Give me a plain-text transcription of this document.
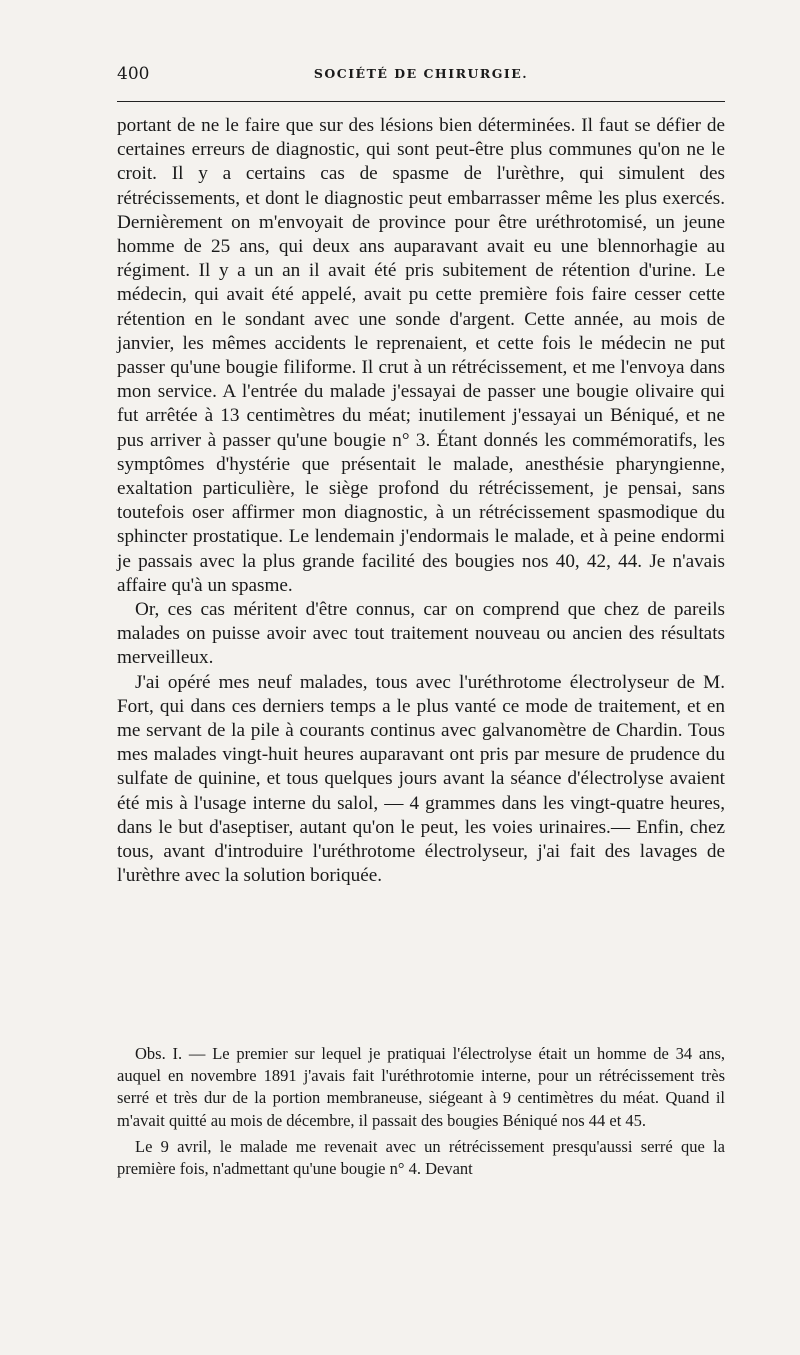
400	SOCIÉTÉ DE CHIRURGIE.

portant de ne le faire que sur des lésions bien déterminées. Il faut se défier de certaines erreurs de diagnostic, qui sont peut-être plus communes qu'on ne le croit. Il y a certains cas de spasme de l'urèthre, qui simulent des rétrécissements, et dont le diagnostic peut embarrasser même les plus exercés. Dernièrement on m'envoyait de province pour être uréthrotomisé, un jeune homme de 25 ans, qui deux ans auparavant avait eu une blennorhagie au régiment. Il y a un an il avait été pris subitement de rétention d'urine. Le médecin, qui avait été appelé, avait pu cette première fois faire cesser cette rétention en le sondant avec une sonde d'argent. Cette année, au mois de janvier, les mêmes accidents le reprenaient, et cette fois le médecin ne put passer qu'une bougie filiforme. Il crut à un rétrécissement, et me l'envoya dans mon service. A l'entrée du malade j'essayai de passer une bougie olivaire qui fut arrêtée à 13 centimètres du méat; inutilement j'essayai un Béniqué, et ne pus arriver à passer qu'une bougie n° 3. Étant donnés les commémoratifs, les symptômes d'hystérie que présentait le malade, anesthésie pharyngienne, exaltation particulière, le siège profond du rétrécissement, je pensai, sans toutefois oser affirmer mon diagnostic, à un rétrécissement spasmodique du sphincter prostatique. Le lendemain j'endormais le malade, et à peine endormi je passais avec la plus grande facilité des bougies nos 40, 42, 44. Je n'avais affaire qu'à un spasme.

Or, ces cas méritent d'être connus, car on comprend que chez de pareils malades on puisse avoir avec tout traitement nouveau ou ancien des résultats merveilleux.

J'ai opéré mes neuf malades, tous avec l'uréthrotome électrolyseur de M. Fort, qui dans ces derniers temps a le plus vanté ce mode de traitement, et en me servant de la pile à courants continus avec galvanomètre de Chardin. Tous mes malades vingt-huit heures auparavant ont pris par mesure de prudence du sulfate de quinine, et tous quelques jours avant la séance d'électrolyse avaient été mis à l'usage interne du salol, — 4 grammes dans les vingt-quatre heures, dans le but d'aseptiser, autant qu'on le peut, les voies urinaires.— Enfin, chez tous, avant d'introduire l'uréthrotome électrolyseur, j'ai fait des lavages de l'urèthre avec la solution boriquée.

Obs. I. — Le premier sur lequel je pratiquai l'électrolyse était un homme de 34 ans, auquel en novembre 1891 j'avais fait l'uréthrotomie interne, pour un rétrécissement très serré et très dur de la portion membraneuse, siégeant à 9 centimètres du méat. Quand il m'avait quitté au mois de décembre, il passait des bougies Béniqué nos 44 et 45.

Le 9 avril, le malade me revenait avec un rétrécissement presqu'aussi serré que la première fois, n'admettant qu'une bougie n° 4. Devant
